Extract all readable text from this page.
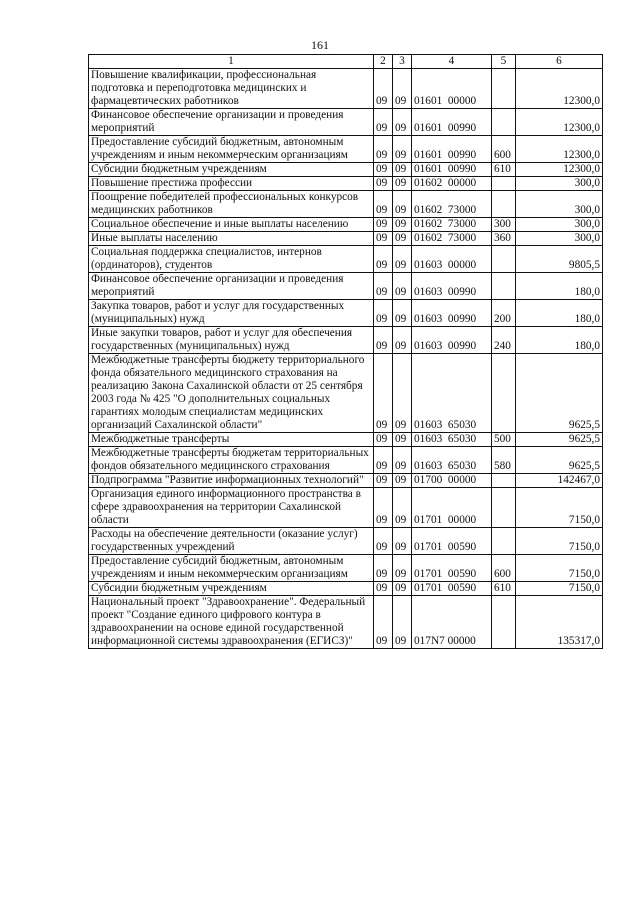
161
1	2	3	4	5	6
Повышение квалификации, профессиональная подготовка и переподготовка медицинских и фармацевтических работников	09	09	01601  00000		12300,0
Финансовое обеспечение организации и проведения мероприятий	09	09	01601  00990		12300,0
Предоставление субсидий бюджетным, автономным учреждениям и иным некоммерческим организациям	09	09	01601  00990	600	12300,0
Субсидии бюджетным учреждениям	09	09	01601  00990	610	12300,0
Повышение престижа профессии	09	09	01602  00000		300,0
Поощрение победителей профессиональных конкурсов медицинских работников	09	09	01602  73000		300,0
Социальное обеспечение и иные выплаты населению	09	09	01602  73000	300	300,0
Иные выплаты населению	09	09	01602  73000	360	300,0
Социальная поддержка специалистов, интернов (ординаторов), студентов	09	09	01603  00000		9805,5
Финансовое обеспечение организации и проведения мероприятий	09	09	01603  00990		180,0
Закупка товаров, работ и услуг для государственных (муниципальных) нужд	09	09	01603  00990	200	180,0
Иные закупки товаров, работ и услуг для обеспечения государственных (муниципальных) нужд	09	09	01603  00990	240	180,0
Межбюджетные трансферты бюджету территориального фонда обязательного медицинского страхования на реализацию Закона Сахалинской области от 25 сентября 2003 года № 425 "О дополнительных социальных гарантиях молодым специалистам медицинских организаций Сахалинской области"	09	09	01603  65030		9625,5
Межбюджетные трансферты	09	09	01603  65030	500	9625,5
Межбюджетные трансферты бюджетам территориальных фондов обязательного медицинского страхования	09	09	01603  65030	580	9625,5
Подпрограмма "Развитие информационных технологий"	09	09	01700  00000		142467,0
Организация единого информационного пространства в сфере здравоохранения на территории Сахалинской области	09	09	01701  00000		7150,0
Расходы на обеспечение деятельности (оказание услуг) государственных учреждений	09	09	01701  00590		7150,0
Предоставление субсидий бюджетным, автономным учреждениям и иным некоммерческим организациям	09	09	01701  00590	600	7150,0
Субсидии бюджетным учреждениям	09	09	01701  00590	610	7150,0
Национальный проект "Здравоохранение". Федеральный проект "Создание единого цифрового контура в здравоохранении на основе единой государственной информационной системы здравоохранения (ЕГИСЗ)"	09	09	017N7 00000		135317,0
